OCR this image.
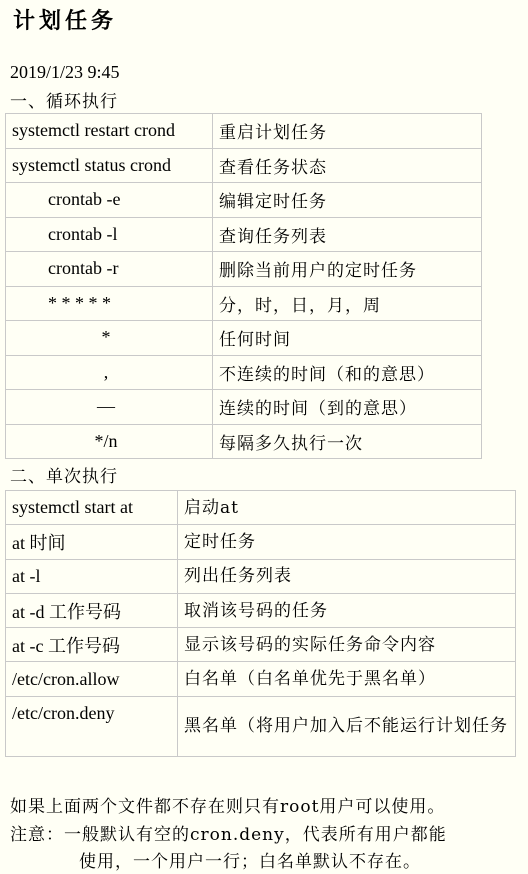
计划任务
2019/1/23 9:45
一、循环执行
systemctl restart crond	重启计划任务
systemctl status crond	查看任务状态
crontab -e	编辑定时任务
crontab -l	查询任务列表
crontab -r	删除当前用户的定时任务
* * * * *	分，时，日，月，周
*	任何时间
,	不连续的时间（和的意思）
—	连续的时间（到的意思）
*/n	每隔多久执行一次
二、单次执行
systemctl start at	启动at
at 时间	定时任务
at -l	列出任务列表
at -d 工作号码	取消该号码的任务
at -c 工作号码	显示该号码的实际任务命令内容
/etc/cron.allow	白名单（白名单优先于黑名单）
/etc/cron.deny	黑名单（将用户加入后不能运行计划任务
如果上面两个文件都不存在则只有root用户可以使用。
注意：一般默认有空的cron.deny，代表所有用户都能
使用，一个用户一行；白名单默认不存在。
